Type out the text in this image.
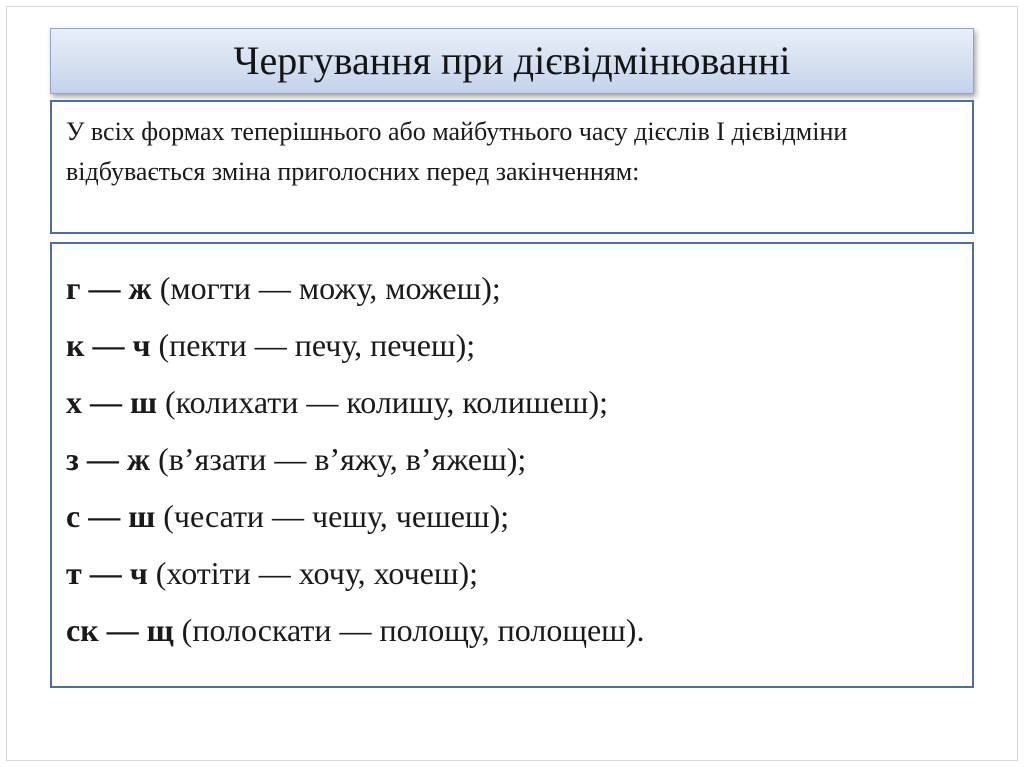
Чергування при дієвідмінюванні

У всіх формах теперішнього або майбутнього часу дієслів І дієвідміни відбувається зміна приголосних перед закінченням:

г — ж (могти — можу, можеш);
к — ч (пекти — печу, печеш);
х — ш (колихати — колишу, колишеш);
з — ж (в’язати — в’яжу, в’яжеш);
с — ш (чесати — чешу, чешеш);
т — ч (хотіти — хочу, хочеш);
ск — щ (полоскати — полощу, полощеш).
